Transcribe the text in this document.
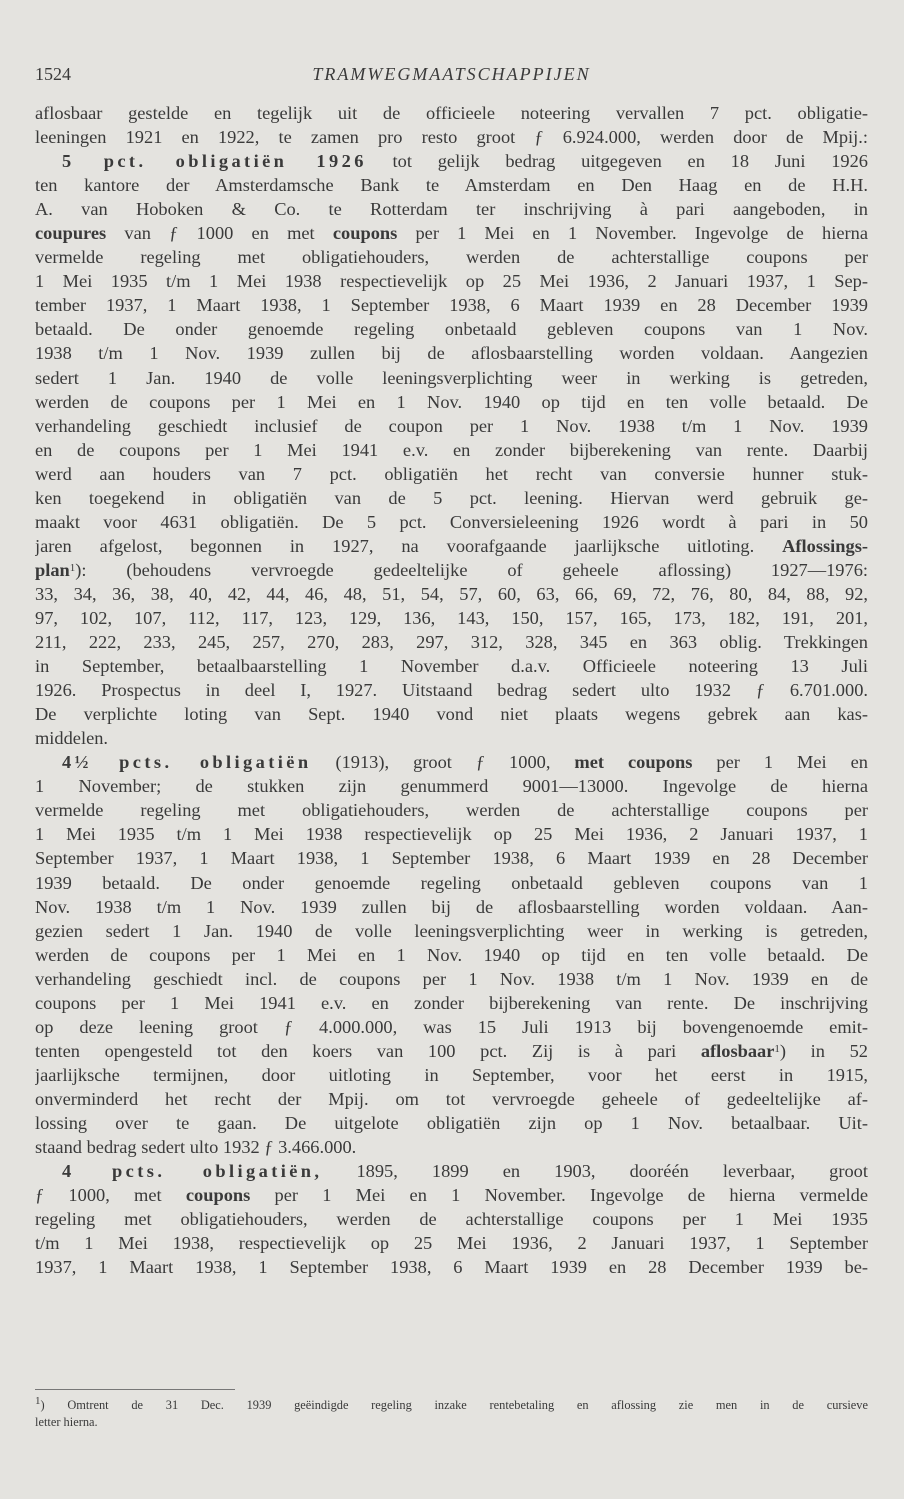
1524	TRAMWEGMAATSCHAPPIJEN
aflosbaar gestelde en tegelijk uit de officieele noteering vervallen 7 pct. obligatie-
leeningen 1921 en 1922, te zamen pro resto groot ƒ 6.924.000, werden door de Mpij.:
5 pct. obligatiën 1926 tot gelijk bedrag uitgegeven en 18 Juni 1926
ten kantore der Amsterdamsche Bank te Amsterdam en Den Haag en de H.H.
A. van Hoboken & Co. te Rotterdam ter inschrijving à pari aangeboden, in
coupures van ƒ 1000 en met coupons per 1 Mei en 1 November. Ingevolge de hierna
vermelde regeling met obligatiehouders, werden de achterstallige coupons per
1 Mei 1935 t/m 1 Mei 1938 respectievelijk op 25 Mei 1936, 2 Januari 1937, 1 Sep-
tember 1937, 1 Maart 1938, 1 September 1938, 6 Maart 1939 en 28 December 1939
betaald. De onder genoemde regeling onbetaald gebleven coupons van 1 Nov.
1938 t/m 1 Nov. 1939 zullen bij de aflosbaarstelling worden voldaan. Aangezien
sedert 1 Jan. 1940 de volle leeningsverplichting weer in werking is getreden,
werden de coupons per 1 Mei en 1 Nov. 1940 op tijd en ten volle betaald. De
verhandeling geschiedt inclusief de coupon per 1 Nov. 1938 t/m 1 Nov. 1939
en de coupons per 1 Mei 1941 e.v. en zonder bijberekening van rente. Daarbij
werd aan houders van 7 pct. obligatiën het recht van conversie hunner stuk-
ken toegekend in obligatiën van de 5 pct. leening. Hiervan werd gebruik ge-
maakt voor 4631 obligatiën. De 5 pct. Conversieleening 1926 wordt à pari in 50
jaren afgelost, begonnen in 1927, na voorafgaande jaarlijksche uitloting. Aflossings-
plan$^1$): (behoudens vervroegde gedeeltelijke of geheele aflossing) 1927—1976:
33, 34, 36, 38, 40, 42, 44, 46, 48, 51, 54, 57, 60, 63, 66, 69, 72, 76, 80, 84, 88, 92,
97, 102, 107, 112, 117, 123, 129, 136, 143, 150, 157, 165, 173, 182, 191, 201,
211, 222, 233, 245, 257, 270, 283, 297, 312, 328, 345 en 363 oblig. Trekkingen
in September, betaalbaarstelling 1 November d.a.v. Officieele noteering 13 Juli
1926. Prospectus in deel I, 1927. Uitstaand bedrag sedert ulto 1932 ƒ 6.701.000.
De verplichte loting van Sept. 1940 vond niet plaats wegens gebrek aan kas-
middelen.
4½ pcts. obligatiën (1913), groot ƒ 1000, met coupons per 1 Mei en
1 November; de stukken zijn genummerd 9001—13000. Ingevolge de hierna
vermelde regeling met obligatiehouders, werden de achterstallige coupons per
1 Mei 1935 t/m 1 Mei 1938 respectievelijk op 25 Mei 1936, 2 Januari 1937, 1
September 1937, 1 Maart 1938, 1 September 1938, 6 Maart 1939 en 28 December
1939 betaald. De onder genoemde regeling onbetaald gebleven coupons van 1
Nov. 1938 t/m 1 Nov. 1939 zullen bij de aflosbaarstelling worden voldaan. Aan-
gezien sedert 1 Jan. 1940 de volle leeningsverplichting weer in werking is getreden,
werden de coupons per 1 Mei en 1 Nov. 1940 op tijd en ten volle betaald. De
verhandeling geschiedt incl. de coupons per 1 Nov. 1938 t/m 1 Nov. 1939 en de
coupons per 1 Mei 1941 e.v. en zonder bijberekening van rente. De inschrijving
op deze leening groot ƒ 4.000.000, was 15 Juli 1913 bij bovengenoemde emit-
tenten opengesteld tot den koers van 100 pct. Zij is à pari aflosbaar$^1$) in 52
jaarlijksche termijnen, door uitloting in September, voor het eerst in 1915,
onverminderd het recht der Mpij. om tot vervroegde geheele of gedeeltelijke af-
lossing over te gaan. De uitgelote obligatiën zijn op 1 Nov. betaalbaar. Uit-
staand bedrag sedert ulto 1932 ƒ 3.466.000.
4 pcts. obligatiën, 1895, 1899 en 1903, dooréén leverbaar, groot
ƒ 1000, met coupons per 1 Mei en 1 November. Ingevolge de hierna vermelde
regeling met obligatiehouders, werden de achterstallige coupons per 1 Mei 1935
t/m 1 Mei 1938, respectievelijk op 25 Mei 1936, 2 Januari 1937, 1 September
1937, 1 Maart 1938, 1 September 1938, 6 Maart 1939 en 28 December 1939 be-
$^1$) Omtrent de 31 Dec. 1939 geëindigde regeling inzake rentebetaling en aflossing zie men in de cursieve
letter hierna.
